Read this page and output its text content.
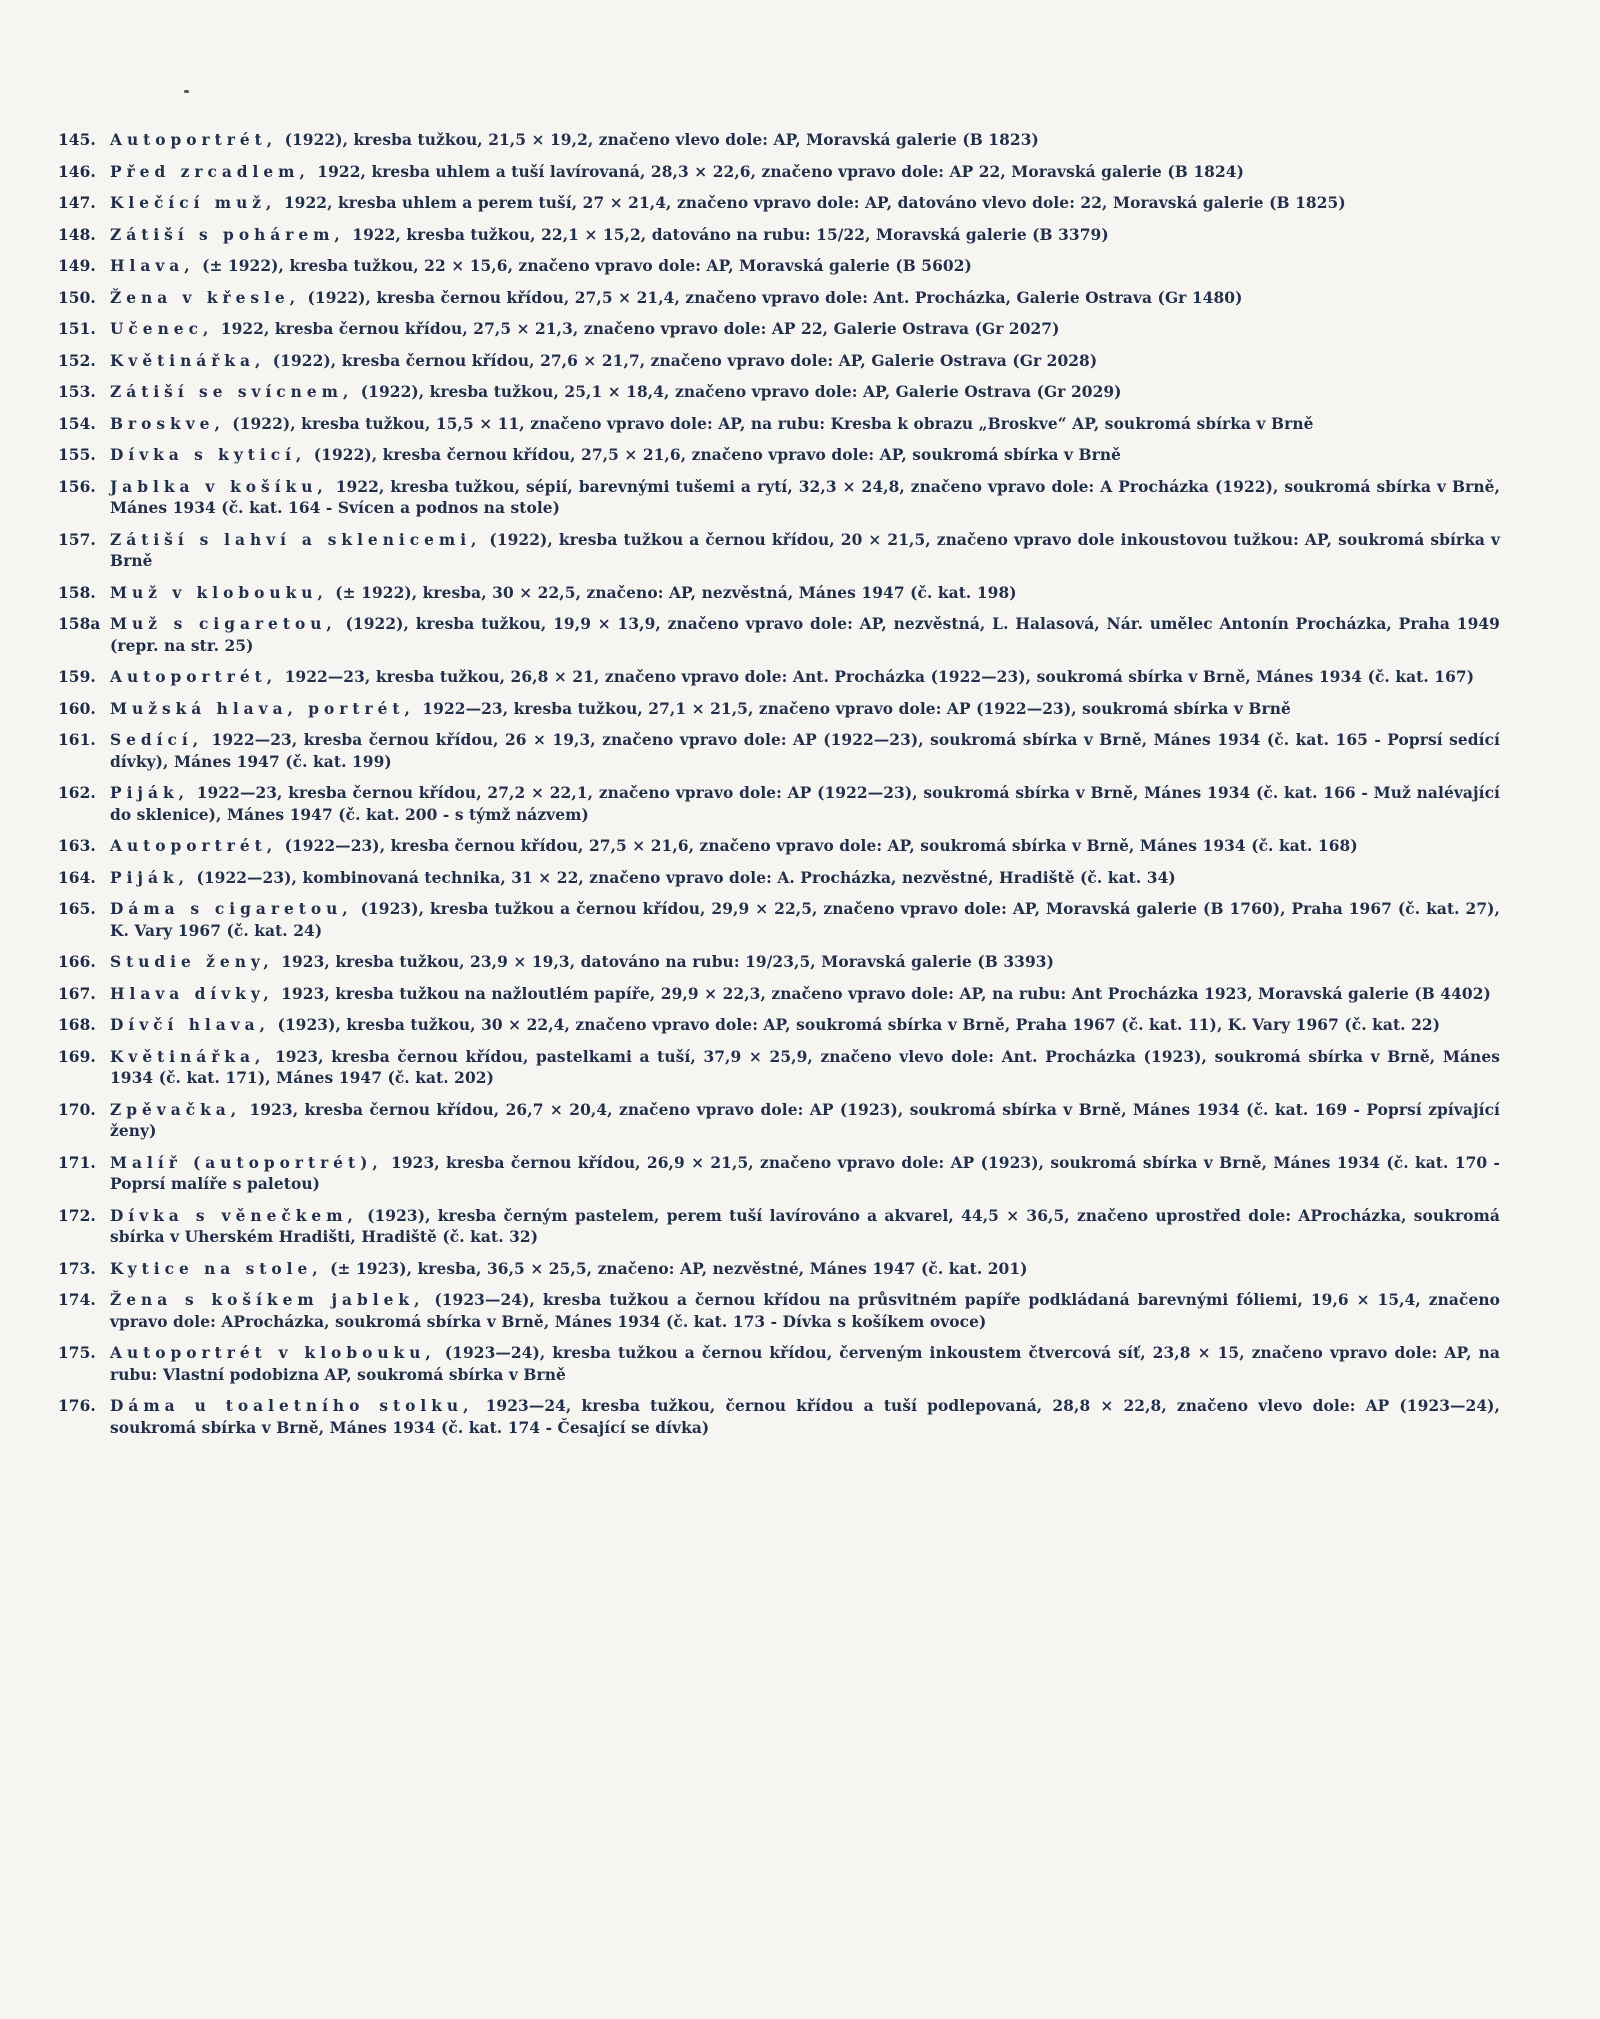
145. Autoportrét, (1922), kresba tužkou, 21,5 × 19,2, značeno vlevo dole: AP, Moravská galerie (B 1823)
146. Před zrcadlem, 1922, kresba uhlem a tuší lavírovaná, 28,3 × 22,6, značeno vpravo dole: AP 22, Moravská galerie (B 1824)
147. Klečící muž, 1922, kresba uhlem a perem tuší, 27 × 21,4, značeno vpravo dole: AP, datováno vlevo dole: 22, Moravská galerie (B 1825)
148. Zátiší s pohárem, 1922, kresba tužkou, 22,1 × 15,2, datováno na rubu: 15/22, Moravská galerie (B 3379)
149. Hlava, (± 1922), kresba tužkou, 22 × 15,6, značeno vpravo dole: AP, Moravská galerie (B 5602)
150. Žena v křesle, (1922), kresba černou křídou, 27,5 × 21,4, značeno vpravo dole: Ant. Procházka, Galerie Ostrava (Gr 1480)
151. Učenec, 1922, kresba černou křídou, 27,5 × 21,3, značeno vpravo dole: AP 22, Galerie Ostrava (Gr 2027)
152. Květinářka, (1922), kresba černou křídou, 27,6 × 21,7, značeno vpravo dole: AP, Galerie Ostrava (Gr 2028)
153. Zátiší se svícnem, (1922), kresba tužkou, 25,1 × 18,4, značeno vpravo dole: AP, Galerie Ostrava (Gr 2029)
154. Broskve, (1922), kresba tužkou, 15,5 × 11, značeno vpravo dole: AP, na rubu: Kresba k obrazu „Broskve“ AP, soukromá sbírka v Brně
155. Dívka s kyticí, (1922), kresba černou křídou, 27,5 × 21,6, značeno vpravo dole: AP, soukromá sbírka v Brně
156. Jablka v košíku, 1922, kresba tužkou, sépií, barevnými tušemi a rytí, 32,3 × 24,8, značeno vpravo dole: A Procházka (1922), soukromá sbírka v Brně, Mánes 1934 (č. kat. 164 - Svícen a podnos na stole)
157. Zátiší s lahví a sklenicemi, (1922), kresba tužkou a černou křídou, 20 × 21,5, značeno vpravo dole inkoustovou tužkou: AP, soukromá sbírka v Brně
158. Muž v klobouku, (± 1922), kresba, 30 × 22,5, značeno: AP, nezvěstná, Mánes 1947 (č. kat. 198)
158a Muž s cigaretou, (1922), kresba tužkou, 19,9 × 13,9, značeno vpravo dole: AP, nezvěstná, L. Halasová, Nár. umělec Antonín Procházka, Praha 1949 (repr. na str. 25)
159. Autoportrét, 1922—23, kresba tužkou, 26,8 × 21, značeno vpravo dole: Ant. Procházka (1922—23), soukromá sbírka v Brně, Mánes 1934 (č. kat. 167)
160. Mužská hlava, portrét, 1922—23, kresba tužkou, 27,1 × 21,5, značeno vpravo dole: AP (1922—23), soukromá sbírka v Brně
161. Sedící, 1922—23, kresba černou křídou, 26 × 19,3, značeno vpravo dole: AP (1922—23), soukromá sbírka v Brně, Mánes 1934 (č. kat. 165 - Poprsí sedící dívky), Mánes 1947 (č. kat. 199)
162. Piják, 1922—23, kresba černou křídou, 27,2 × 22,1, značeno vpravo dole: AP (1922—23), soukromá sbírka v Brně, Mánes 1934 (č. kat. 166 - Muž nalévající do sklenice), Mánes 1947 (č. kat. 200 - s týmž názvem)
163. Autoportrét, (1922—23), kresba černou křídou, 27,5 × 21,6, značeno vpravo dole: AP, soukromá sbírka v Brně, Mánes 1934 (č. kat. 168)
164. Piják, (1922—23), kombinovaná technika, 31 × 22, značeno vpravo dole: A. Procházka, nezvěstné, Hradiště (č. kat. 34)
165. Dáma s cigaretou, (1923), kresba tužkou a černou křídou, 29,9 × 22,5, značeno vpravo dole: AP, Moravská galerie (B 1760), Praha 1967 (č. kat. 27), K. Vary 1967 (č. kat. 24)
166. Studie ženy, 1923, kresba tužkou, 23,9 × 19,3, datováno na rubu: 19/23,5, Moravská galerie (B 3393)
167. Hlava dívky, 1923, kresba tužkou na nažloutlém papíře, 29,9 × 22,3, značeno vpravo dole: AP, na rubu: Ant Procházka 1923, Moravská galerie (B 4402)
168. Dívčí hlava, (1923), kresba tužkou, 30 × 22,4, značeno vpravo dole: AP, soukromá sbírka v Brně, Praha 1967 (č. kat. 11), K. Vary 1967 (č. kat. 22)
169. Květinářka, 1923, kresba černou křídou, pastelkami a tuší, 37,9 × 25,9, značeno vlevo dole: Ant. Procházka (1923), soukromá sbírka v Brně, Mánes 1934 (č. kat. 171), Mánes 1947 (č. kat. 202)
170. Zpěvačka, 1923, kresba černou křídou, 26,7 × 20,4, značeno vpravo dole: AP (1923), soukromá sbírka v Brně, Mánes 1934 (č. kat. 169 - Poprsí zpívající ženy)
171. Malíř (autoportrét), 1923, kresba černou křídou, 26,9 × 21,5, značeno vpravo dole: AP (1923), soukromá sbírka v Brně, Mánes 1934 (č. kat. 170 - Poprsí malíře s paletou)
172. Dívka s věnečkem, (1923), kresba černým pastelem, perem tuší lavírováno a akvarel, 44,5 × 36,5, značeno uprostřed dole: AProcházka, soukromá sbírka v Uherském Hradišti, Hradiště (č. kat. 32)
173. Kytice na stole, (± 1923), kresba, 36,5 × 25,5, značeno: AP, nezvěstné, Mánes 1947 (č. kat. 201)
174. Žena s košíkem jablek, (1923—24), kresba tužkou a černou křídou na průsvitném papíře podkládaná barevnými fóliemi, 19,6 × 15,4, značeno vpravo dole: AProcházka, soukromá sbírka v Brně, Mánes 1934 (č. kat. 173 - Dívka s košíkem ovoce)
175. Autoportrét v klobouku, (1923—24), kresba tužkou a černou křídou, červeným inkoustem čtvercová síť, 23,8 × 15, značeno vpravo dole: AP, na rubu: Vlastní podobizna AP, soukromá sbírka v Brně
176. Dáma u toaletního stolku, 1923—24, kresba tužkou, černou křídou a tuší podlepovaná, 28,8 × 22,8, značeno vlevo dole: AP (1923—24), soukromá sbírka v Brně, Mánes 1934 (č. kat. 174 - Česající se dívka)
